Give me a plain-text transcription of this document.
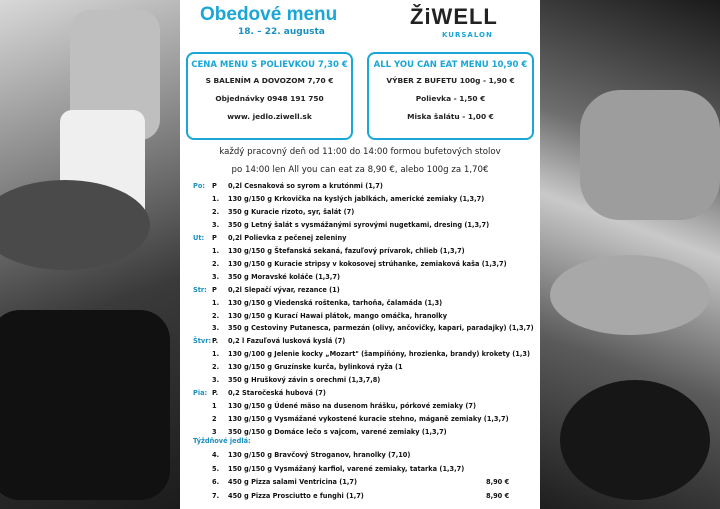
Obedové menu
18. – 22. augusta
ŽiWELL
KURSALON
CENA MENU S POLIEVKOU 7,30 €
S BALENÍM A DOVOZOM 7,70 €
Objednávky 0948 191 750
www. jedlo.ziwell.sk
ALL YOU CAN EAT MENU 10,90 €
VÝBER Z BUFETU 100g - 1,90 €
Polievka - 1,50 €
Miska šalátu - 1,00 €
každý pracovný deň od 11:00 do 14:00 formou bufetových stolov
po 14:00 len All you can eat za 8,90 €, alebo 100g za 1,70€
Po: P 0,2l Cesnaková so syrom a krutónmi (1,7)
1. 130 g/150 g Krkovička na kyslých jablkách, americké zemiaky (1,3,7)
2. 350 g Kuracie rizoto, syr, šalát (7)
3. 350 g Letný šalát s vysmážanými syrovými nugetkami, dresing (1,3,7)
Ut: P 0,2l Polievka z pečenej zeleniny
1. 130 g/150 g Štefanská sekaná, fazuľový prívarok, chlieb (1,3,7)
2. 130 g/150 g Kuracie stripsy v kokosovej strúhanke, zemiaková kaša (1,3,7)
3. 350 g Moravské koláče (1,3,7)
Str: P 0,2l Slepačí vývar, rezance (1)
1. 130 g/150 g Viedenská roštenka, tarhoňa, čalamáda (1,3)
2. 130 g/150 g Kurací Hawai plátok, mango omáčka, hranolky
3. 350 g Cestoviny Putanesca, parmezán (olivy, ančovičky, kapari, paradajky) (1,3,7)
Štvr: P. 0,2 l Fazuľová lusková kyslá (7)
1. 130 g/100 g Jelenie kocky „Mozart" (šampiňóny, hrozienka, brandy) krokety (1,3)
2. 130 g/150 g Gruzínske kurča, bylinková ryža (1
3. 350 g Hruškový závin s orechmi (1,3,7,8)
Pia: P. 0,2 Staročeská hubová (7)
1 130 g/150 g Údené mäso na dusenom hrášku, pórkové zemiaky (7)
2 130 g/150 g Vysmážané vykostené kuracie stehno, máganě zemiaky (1,3,7)
3 350 g/150 g Domáce lečo s vajcom, varené zemiaky (1,3,7)
Týždňové jedlá:
4. 130 g/150 g Bravčový Stroganov, hranolky (7,10)
5. 150 g/150 g Vysmážaný karfiol, varené zemiaky, tatarka (1,3,7)
6. 450 g Pizza salami Ventricina (1,7)	8,90 €
7. 450 g Pizza Prosciutto e funghi (1,7)	8,90 €
